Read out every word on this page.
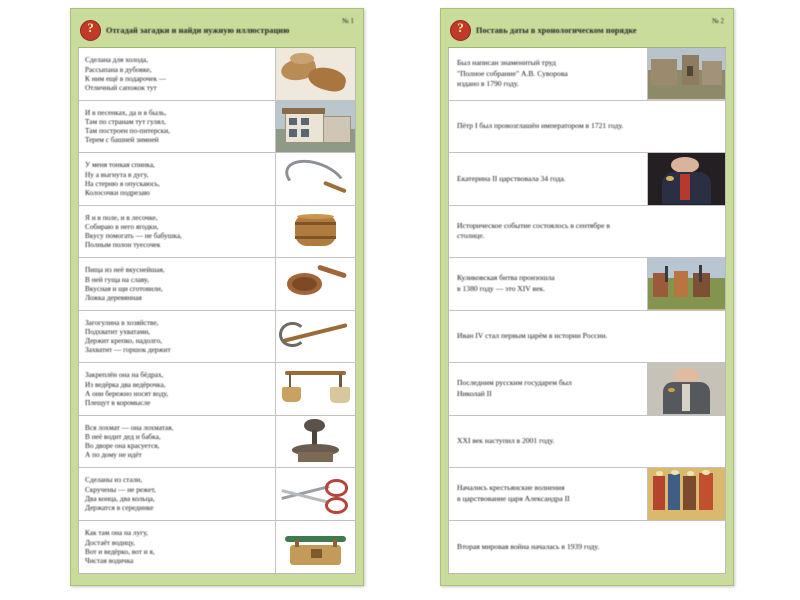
?
Отгадай загадки и найди нужную иллюстрацию
№ 1
Сделана для холода,
Рассыпана в дубовке,
К ним ещё в подарочек —
Отличный сапожок тут
И в песенках, да и в быль,
Там по странам тут гулял,
Там построен по-питерски,
Терем с башней зимней
У меня тонкая спинка,
Ну а выгнута в дугу,
На стерню я опускаюсь,
Колосочки подрезаю
Я и в поле, и в лесочке,
Собираю в него ягодки,
Вкусу помогать — не бабушка,
Полным полон туесочек
Пища из неё вкуснейшая,
В ней гуща на славу,
Вкусная и щи сготовили,
Ложка деревянная
Загогулина в хозяйстве,
Подхватит ухватами,
Держит крепко, надолго,
Захватит — горшок держит
Закреплён она на бёдрах,
Из ведёрка два ведёрочка,
А они бережно носят воду,
Плещут в коромысле
Вся лохмат — она лохматая,
В неё водит дед и бабка,
Во дворе она красуется,
А по дому не идёт
Сделаны из стали,
Скручены — не режет,
Два конца, два кольца,
Держатся в серединке
Как там она на лугу,
Достаёт водицу,
Вот и ведёрко, вот и я,
Чистая водичка
?
Поставь даты в хронологическом порядке
№ 2
Был написан знаменитый труд
"Полное собрание" А.В. Суворова
издано в 1790 году.
Пётр I был провозглашён императором в 1721 году.
Екатерина II царствовала 34 года.
Историческое событие состоялось в сентябре в
столице.
Куликовская битва произошла
в 1380 году — это XIV век.
Иван IV стал первым царём в истории России.
Последним русским государем был
Николай II
XXI век наступил в 2001 году.
Начались крестьянские волнения
в царствование царя Александра II
Вторая мировая война началась в 1939 году.
